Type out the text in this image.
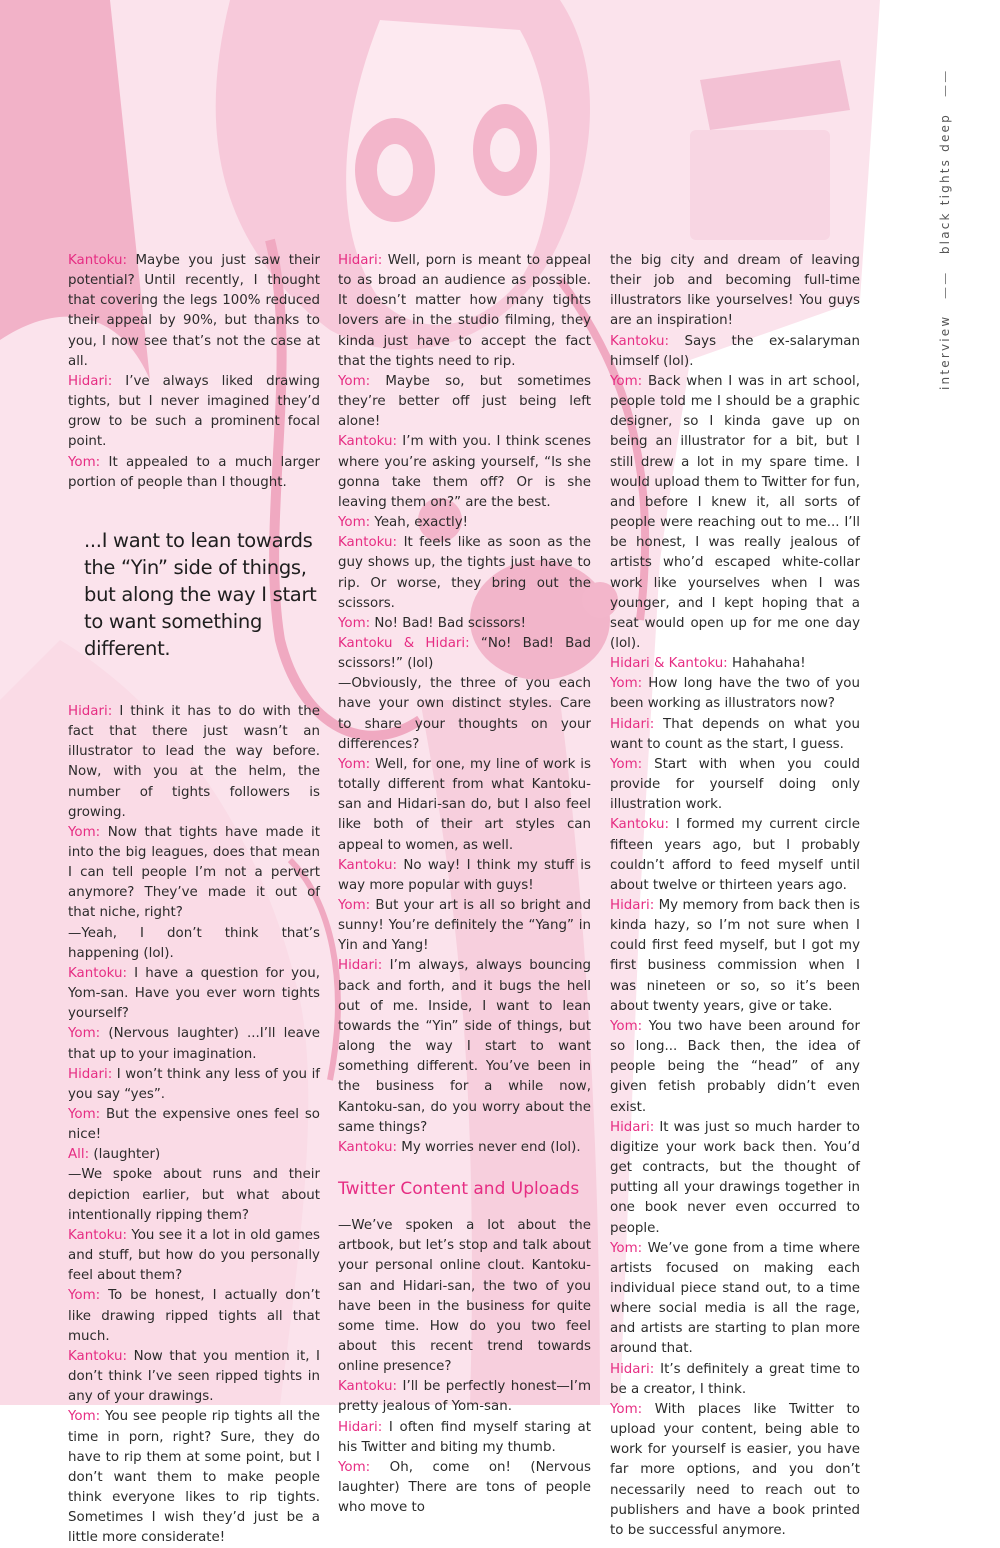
interview —— black tights deep ——

Kantoku: Maybe you just saw their potential? Until recently, I thought that covering the legs 100% reduced their appeal by 90%, but thanks to you, I now see that’s not the case at all.

Hidari: I’ve always liked drawing tights, but I never imagined they’d grow to be such a prominent focal point.

Yom: It appealed to a much larger portion of people than I thought.

...I want to lean towards the “Yin” side of things, but along the way I start to want something different.

Hidari: I think it has to do with the fact that there just wasn’t an illustrator to lead the way before. Now, with you at the helm, the number of tights followers is growing.

Yom: Now that tights have made it into the big leagues, does that mean I can tell people I’m not a pervert anymore? They’ve made it out of that niche, right?

—Yeah, I don’t think that’s happening (lol).

Kantoku: I have a question for you, Yom-san. Have you ever worn tights yourself?

Yom: (Nervous laughter) ...I’ll leave that up to your imagination.

Hidari: I won’t think any less of you if you say “yes”.

Yom: But the expensive ones feel so nice!

All: (laughter)

—We spoke about runs and their depiction earlier, but what about intentionally ripping them?

Kantoku: You see it a lot in old games and stuff, but how do you personally feel about them?

Yom: To be honest, I actually don’t like drawing ripped tights all that much.

Kantoku: Now that you mention it, I don’t think I’ve seen ripped tights in any of your drawings.

Yom: You see people rip tights all the time in porn, right? Sure, they do have to rip them at some point, but I don’t want them to make people think everyone likes to rip tights. Sometimes I wish they’d just be a little more considerate!

Hidari: Well, porn is meant to appeal to as broad an audience as possible. It doesn’t matter how many tights lovers are in the studio filming, they kinda just have to accept the fact that the tights need to rip.

Yom: Maybe so, but sometimes they’re better off just being left alone!

Kantoku: I’m with you. I think scenes where you’re asking yourself, “Is she gonna take them off? Or is she leaving them on?” are the best.

Yom: Yeah, exactly!

Kantoku: It feels like as soon as the guy shows up, the tights just have to rip. Or worse, they bring out the scissors.

Yom: No! Bad! Bad scissors!

Kantoku & Hidari: “No! Bad! Bad scissors!” (lol)

—Obviously, the three of you each have your own distinct styles. Care to share your thoughts on your differences?

Yom: Well, for one, my line of work is totally different from what Kantoku-san and Hidari-san do, but I also feel like both of their art styles can appeal to women, as well.

Kantoku: No way! I think my stuff is way more popular with guys!

Yom: But your art is all so bright and sunny! You’re definitely the “Yang” in Yin and Yang!

Hidari: I’m always, always bouncing back and forth, and it bugs the hell out of me. Inside, I want to lean towards the “Yin” side of things, but along the way I start to want something different. You’ve been in the business for a while now, Kantoku-san, do you worry about the same things?

Kantoku: My worries never end (lol).

Twitter Content and Uploads

—We’ve spoken a lot about the artbook, but let’s stop and talk about your personal online clout. Kantoku-san and Hidari-san, the two of you have been in the business for quite some time. How do you two feel about this recent trend towards online presence?

Kantoku: I’ll be perfectly honest—I’m pretty jealous of Yom-san.

Hidari: I often find myself staring at his Twitter and biting my thumb.

Yom: Oh, come on! (Nervous laughter) There are tons of people who move to

the big city and dream of leaving their job and becoming full-time illustrators like yourselves! You guys are an inspiration!

Kantoku: Says the ex-salaryman himself (lol).

Yom: Back when I was in art school, people told me I should be a graphic designer, so I kinda gave up on being an illustrator for a bit, but I still drew a lot in my spare time. I would upload them to Twitter for fun, and before I knew it, all sorts of people were reaching out to me... I’ll be honest, I was really jealous of artists who’d escaped white-collar work like yourselves when I was younger, and I kept hoping that a seat would open up for me one day (lol).

Hidari & Kantoku: Hahahaha!

Yom: How long have the two of you been working as illustrators now?

Hidari: That depends on what you want to count as the start, I guess.

Yom: Start with when you could provide for yourself doing only illustration work.

Kantoku: I formed my current circle fifteen years ago, but I probably couldn’t afford to feed myself until about twelve or thirteen years ago.

Hidari: My memory from back then is kinda hazy, so I’m not sure when I could first feed myself, but I got my first business commission when I was nineteen or so, so it’s been about twenty years, give or take.

Yom: You two have been around for so long... Back then, the idea of people being the “head” of any given fetish probably didn’t even exist.

Hidari: It was just so much harder to digitize your work back then. You’d get contracts, but the thought of putting all your drawings together in one book never even occurred to people.

Yom: We’ve gone from a time where artists focused on making each individual piece stand out, to a time where social media is all the rage, and artists are starting to plan more around that.

Hidari: It’s definitely a great time to be a creator, I think.

Yom: With places like Twitter to upload your content, being able to work for yourself is easier, you have far more options, and you don’t necessarily need to reach out to publishers and have a book printed to be successful anymore.
